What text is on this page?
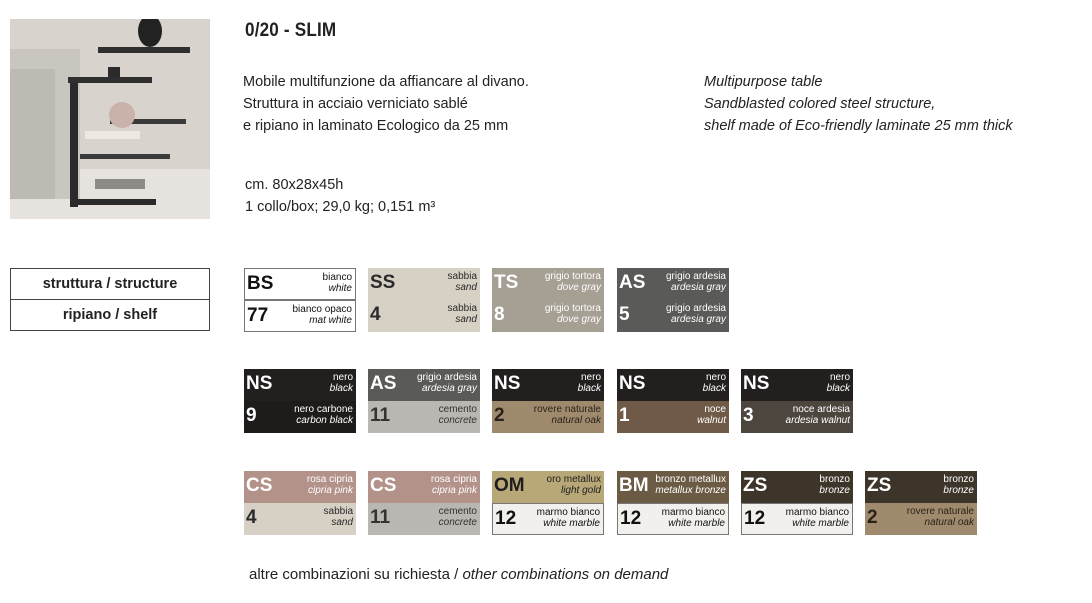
0/20 - SLIM
Mobile multifunzione da affiancare al divano.
Struttura in acciaio verniciato sablé
e ripiano in laminato Ecologico da 25 mm
Multipurpose table
Sandblasted colored steel structure,
shelf made of Eco-friendly laminate 25 mm thick
cm. 80x28x45h
1 collo/box; 29,0 kg; 0,151 m³
struttura / structure
ripiano / shelf
BS	bianco
white
77 bianco opaco
mat white
SS	sabbia
sand
4	sabbia
sand
TS	grigio tortora
dove gray
8	grigio tortora
dove gray
AS grigio ardesia
ardesia gray
5	grigio ardesia
ardesia gray
NS	nero
black
9	nero carbone
carbon black
AS grigio ardesia
ardesia gray
11	cemento
concrete
NS	nero
black
2	rovere naturale
natural oak
NS	nero
black
1	noce
walnut
NS	nero
black
3	noce ardesia
ardesia walnut
CS	rosa cipria
cipria pink
4	sabbia
sand
CS	rosa cipria
cipria pink
11	cemento
concrete
OM oro metallux
light gold
12 marmo bianco
white marble
BM bronzo metallux
metallux bronze
12 marmo bianco
white marble
ZS	bronzo
bronze
12 marmo bianco
white marble
ZS	bronzo
bronze
2	rovere naturale
natural oak
altre combinazioni su richiesta / other combinations on demand
